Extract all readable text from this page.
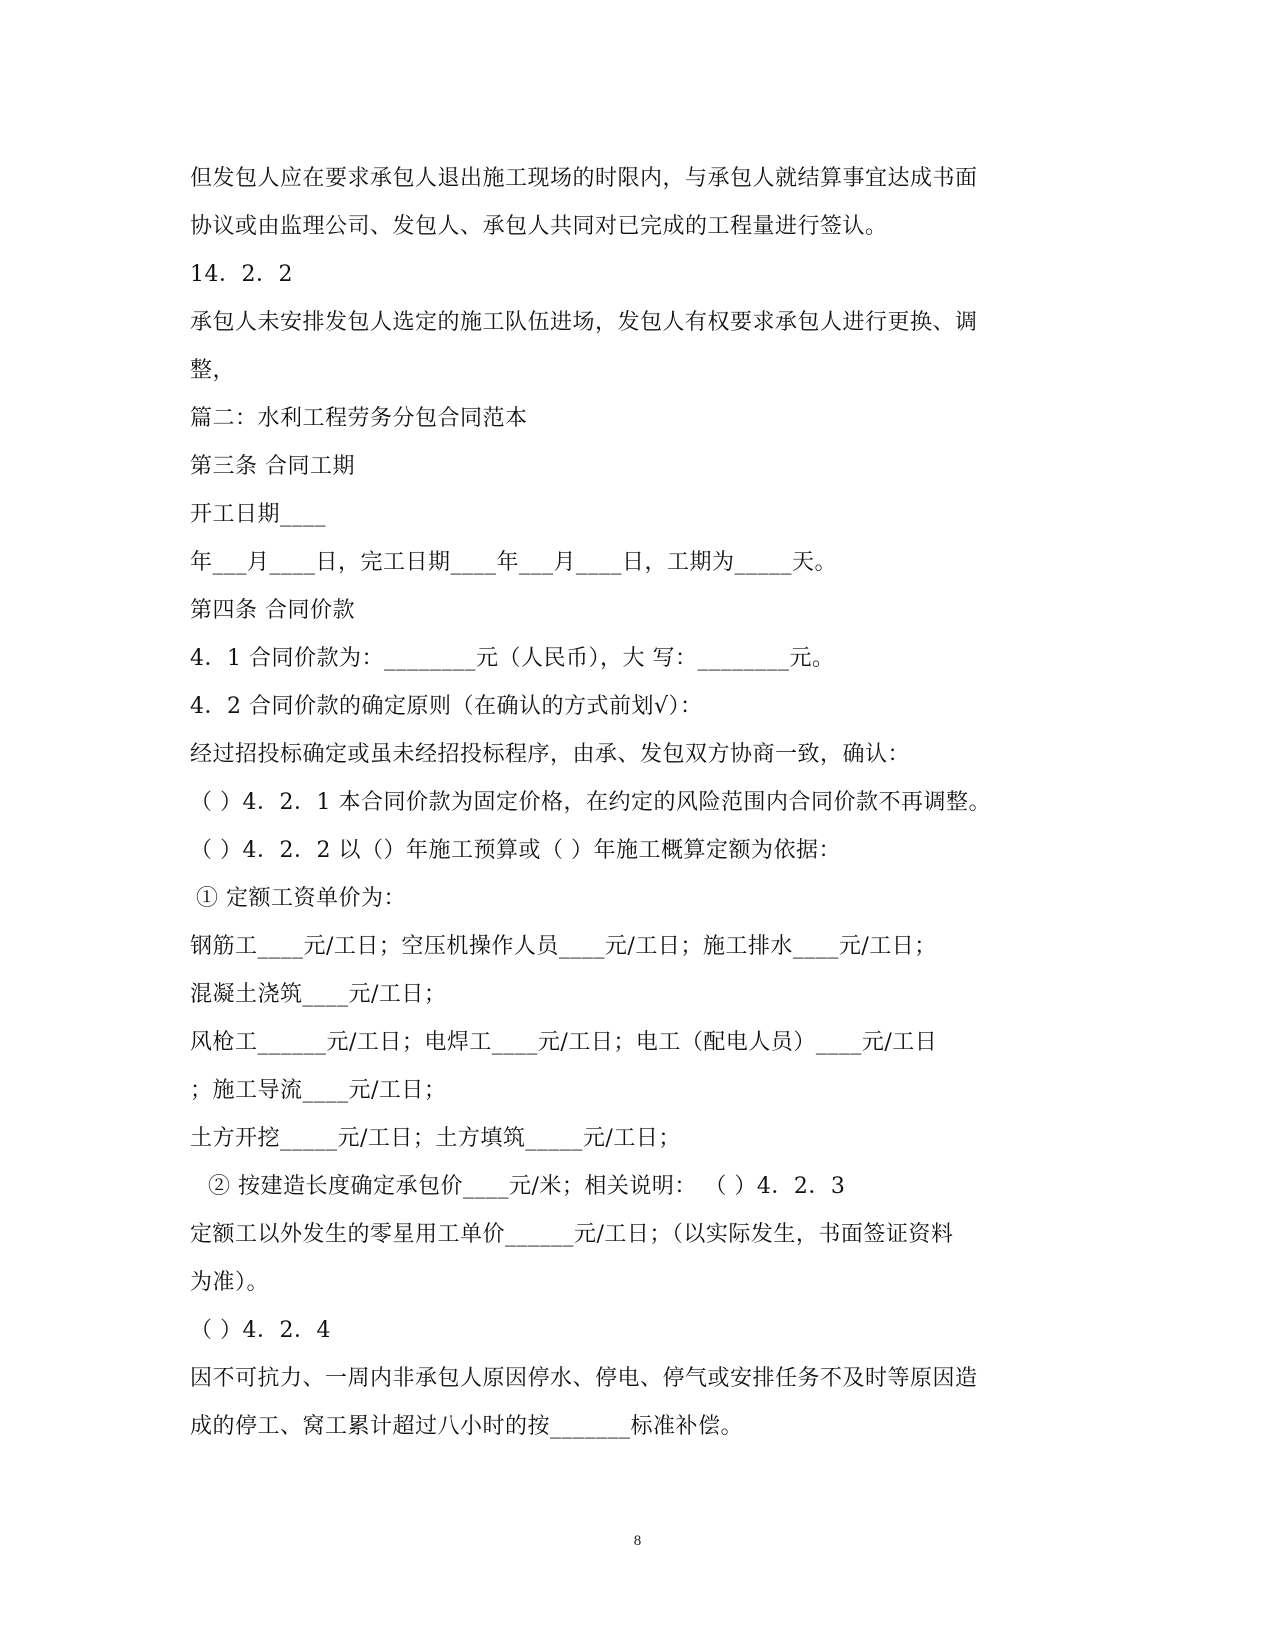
但发包人应在要求承包人退出施工现场的时限内，与承包人就结算事宜达成书面
协议或由监理公司、发包人、承包人共同对已完成的工程量进行签认。
14．2．2
承包人未安排发包人选定的施工队伍进场，发包人有权要求承包人进行更换、调
整，
篇二：水利工程劳务分包合同范本
第三条 合同工期
开工日期____
年___月____日，完工日期____年___月____日，工期为_____天。
第四条 合同价款
4．1 合同价款为：________元（人民币），大 写：________元。
4．2 合同价款的确定原则（在确认的方式前划√）：
经过招投标确定或虽未经招投标程序，由承、发包双方协商一致，确认：
（ ）4．2．1 本合同价款为固定价格，在约定的风险范围内合同价款不再调整。
（ ）4．2．2 以（）年施工预算或（ ）年施工概算定额为依据：
① 定额工资单价为：
钢筋工____元/工日；空压机操作人员____元/工日；施工排水____元/工日；
混凝土浇筑____元/工日；
风枪工______元/工日；电焊工____元/工日；电工（配电人员）____元/工日
；施工导流____元/工日；
土方开挖_____元/工日；土方填筑_____元/工日；
② 按建造长度确定承包价____元/米；相关说明： （ ）4．2．3
定额工以外发生的零星用工单价______元/工日；（以实际发生，书面签证资料
为准）。
（ ）4．2．4
因不可抗力、一周内非承包人原因停水、停电、停气或安排任务不及时等原因造
成的停工、窝工累计超过八小时的按_______标准补偿。
8
